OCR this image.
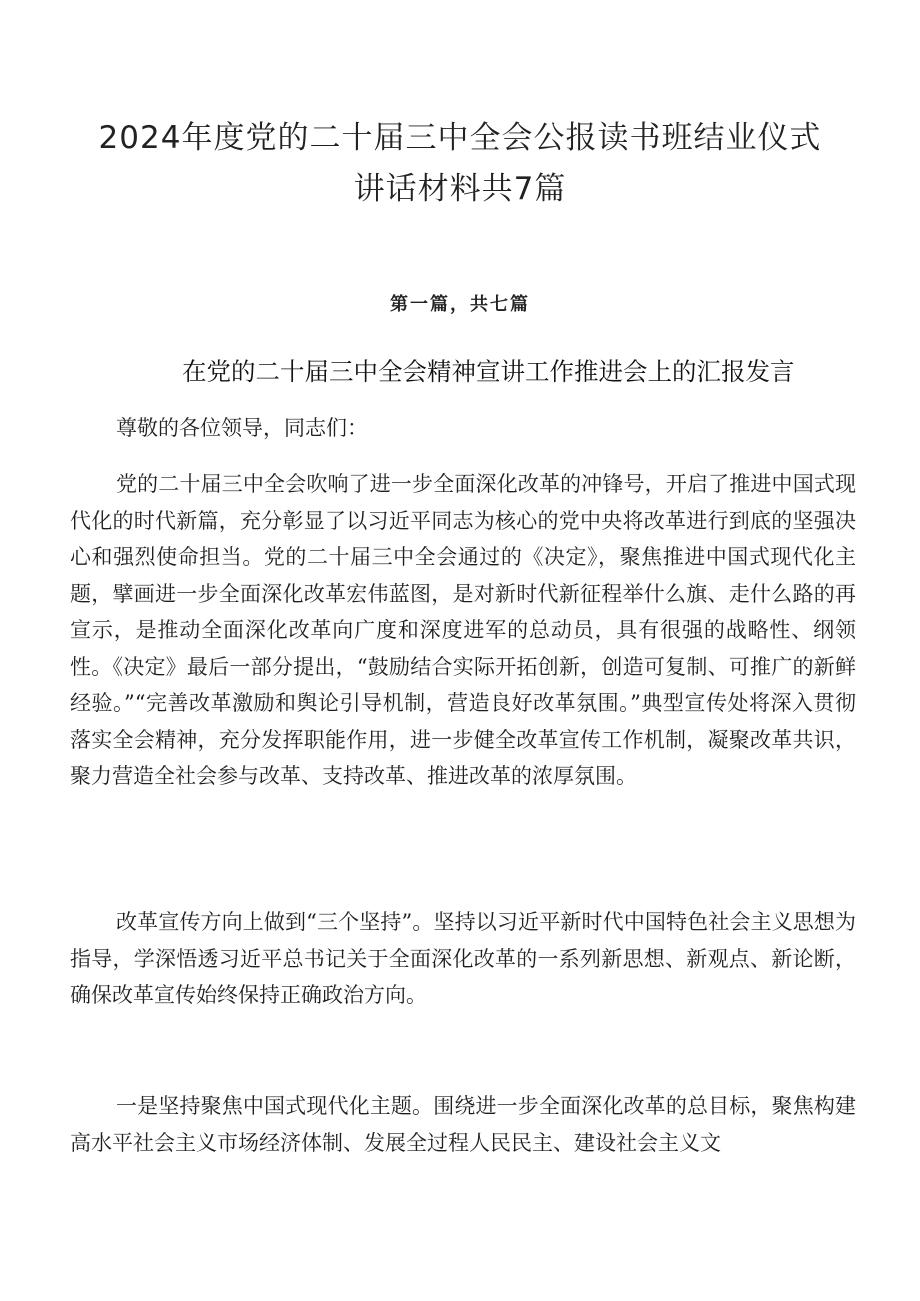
2024年度党的二十届三中全会公报读书班结业仪式
讲话材料共7篇
第一篇，共七篇
在党的二十届三中全会精神宣讲工作推进会上的汇报发言

尊敬的各位领导，同志们：

党的二十届三中全会吹响了进一步全面深化改革的冲锋号，开启了推进中国式现代化的时代新篇，充分彰显了以习近平同志为核心的党中央将改革进行到底的坚强决心和强烈使命担当。党的二十届三中全会通过的《决定》，聚焦推进中国式现代化主题，擘画进一步全面深化改革宏伟蓝图，是对新时代新征程举什么旗、走什么路的再宣示，是推动全面深化改革向广度和深度进军的总动员，具有很强的战略性、纲领性。《决定》最后一部分提出，“鼓励结合实际开拓创新，创造可复制、可推广的新鲜经验。”“完善改革激励和舆论引导机制，营造良好改革氛围。”典型宣传处将深入贯彻落实全会精神，充分发挥职能作用，进一步健全改革宣传工作机制，凝聚改革共识，聚力营造全社会参与改革、支持改革、推进改革的浓厚氛围。

改革宣传方向上做到“三个坚持”。坚持以习近平新时代中国特色社会主义思想为指导，学深悟透习近平总书记关于全面深化改革的一系列新思想、新观点、新论断，确保改革宣传始终保持正确政治方向。

一是坚持聚焦中国式现代化主题。围绕进一步全面深化改革的总目标，聚焦构建高水平社会主义市场经济体制、发展全过程人民民主、建设社会主义文
